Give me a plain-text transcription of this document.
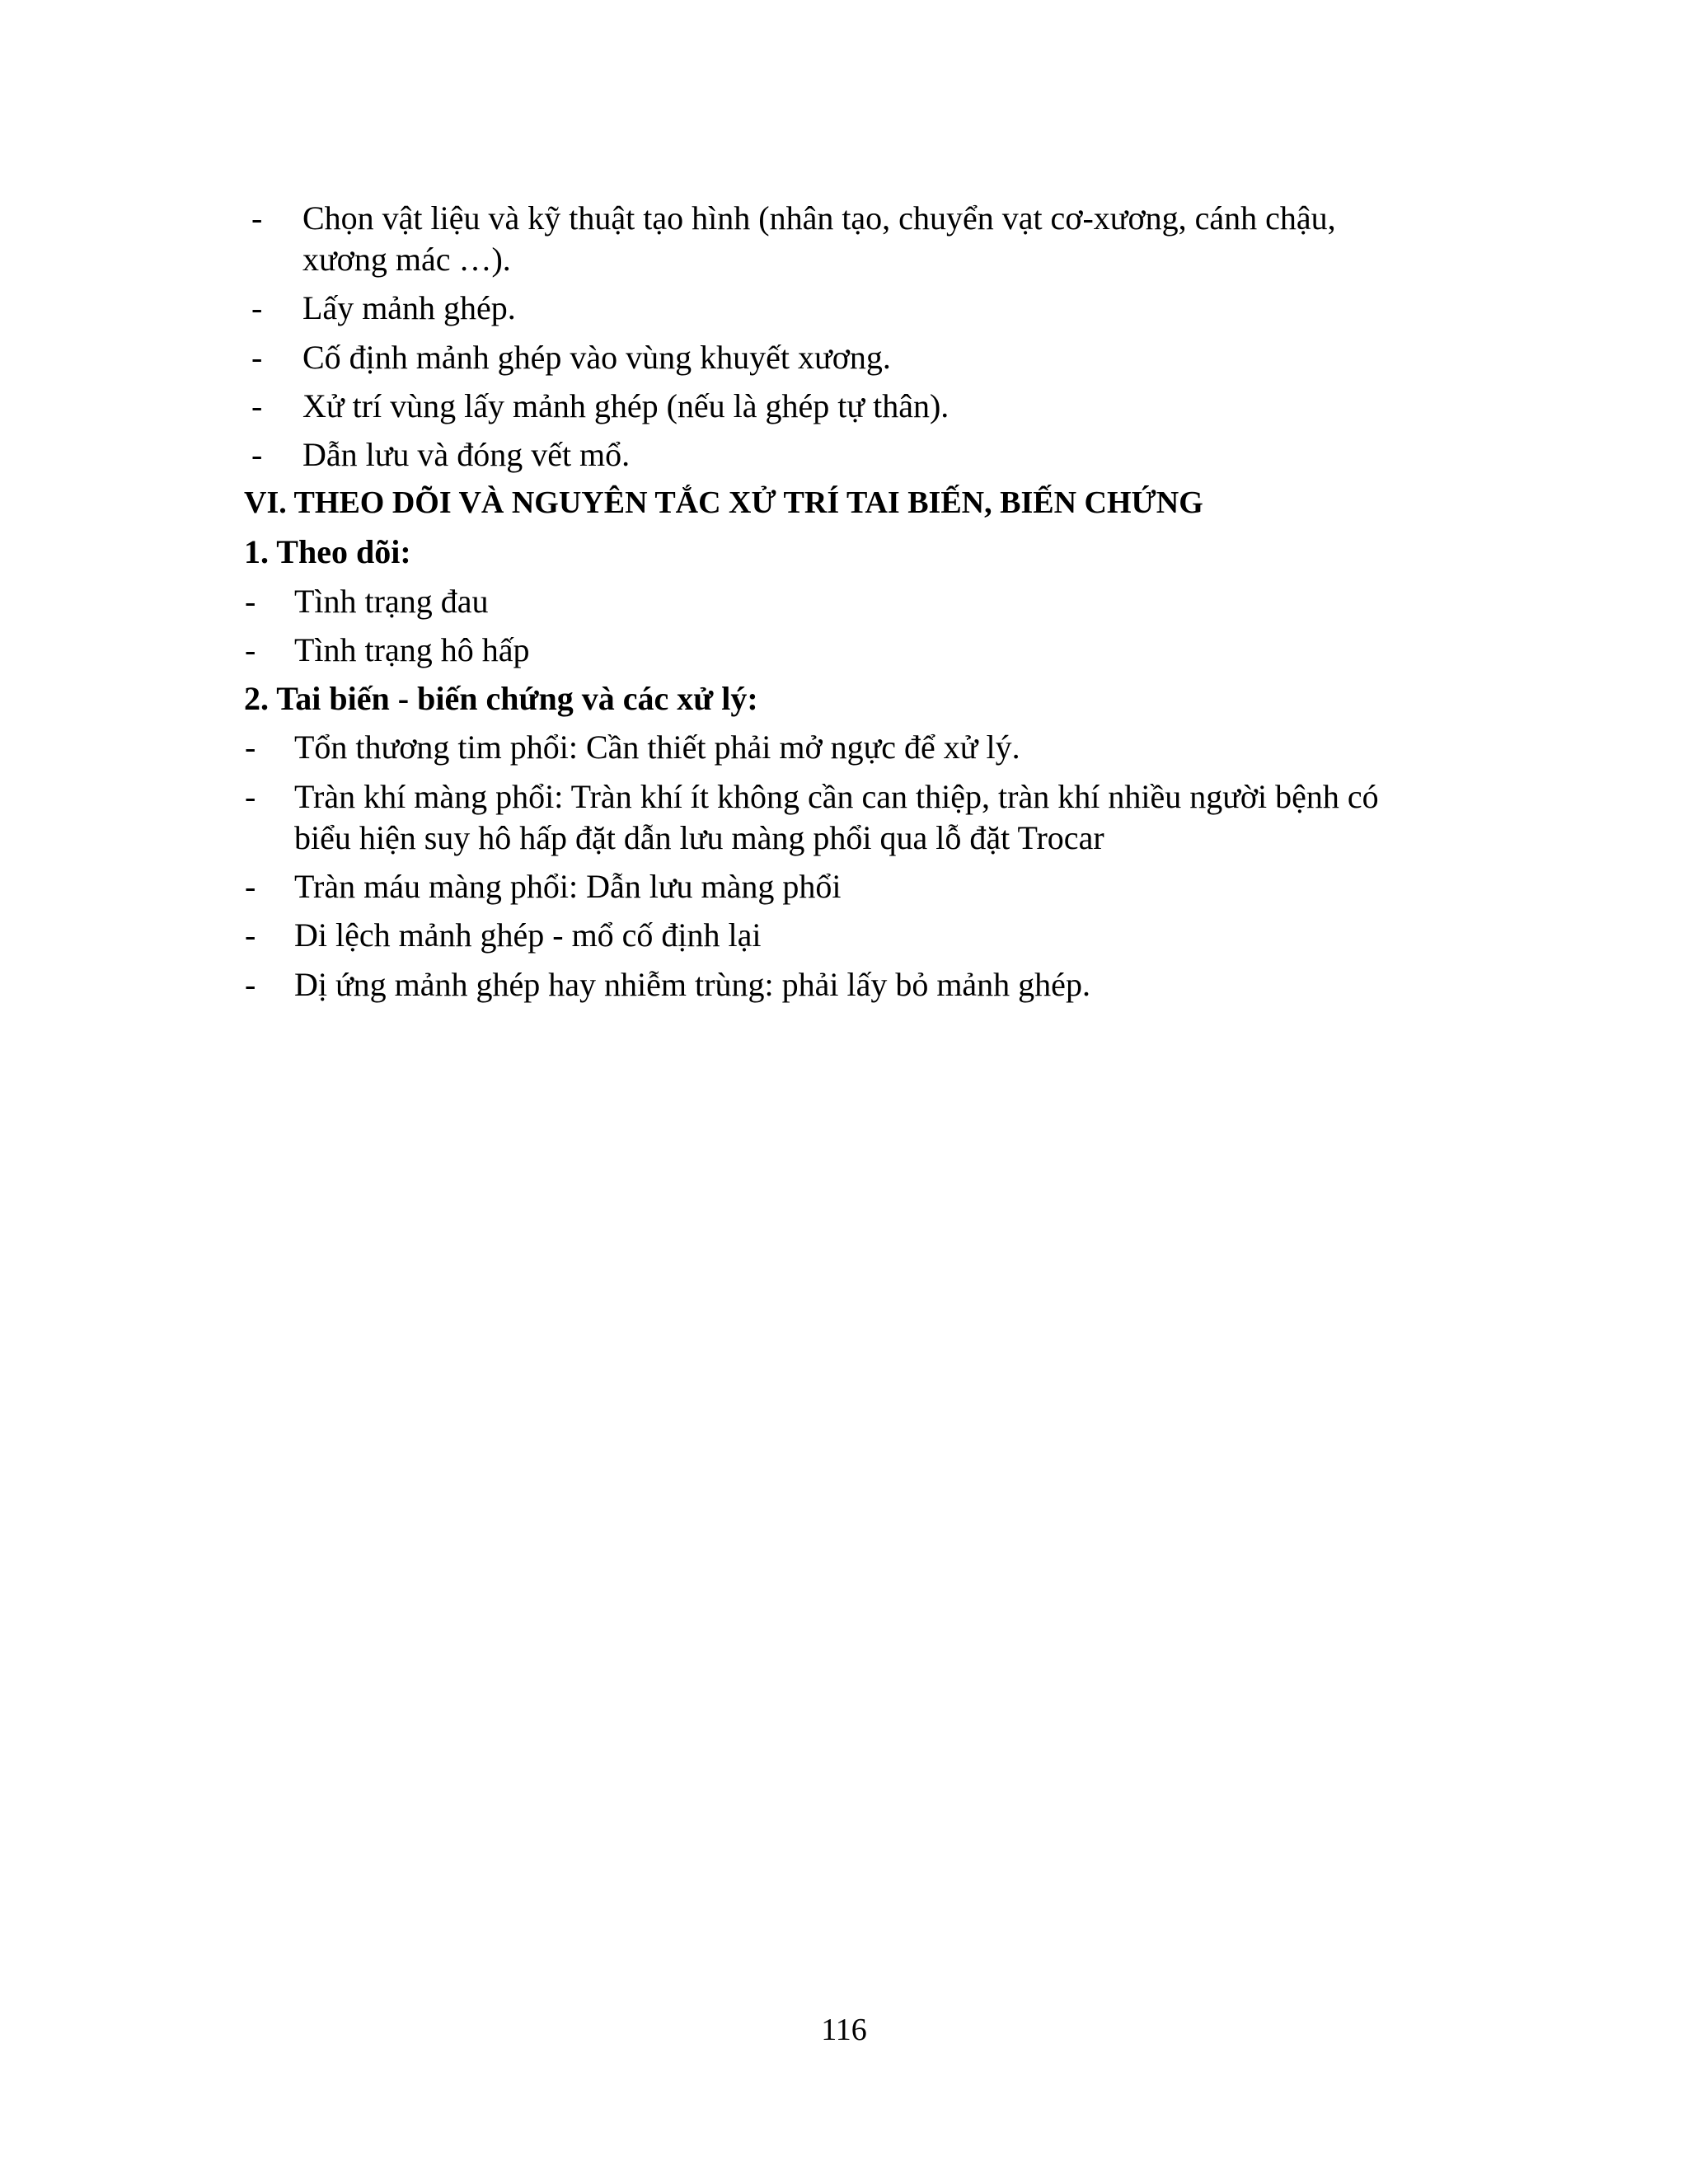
- Chọn vật liệu và kỹ thuật tạo hình (nhân tạo, chuyển vạt cơ-xương, cánh chậu,
xương mác …).
- Lấy mảnh ghép.
- Cố định mảnh ghép vào vùng khuyết xương.
- Xử trí vùng lấy mảnh ghép (nếu là ghép tự thân).
- Dẫn lưu và đóng vết mổ.
VI. THEO DÕI VÀ NGUYÊN TẮC XỬ TRÍ TAI BIẾN, BIẾN CHỨNG
1. Theo dõi:
- Tình trạng đau
- Tình trạng hô hấp
2. Tai biến - biến chứng và các xử lý:
- Tổn thương tim phổi: Cần thiết phải mở ngực để xử lý.
- Tràn khí màng phổi: Tràn khí ít không cần can thiệp, tràn khí nhiều người bệnh có
biểu hiện suy hô hấp đặt dẫn lưu màng phổi qua lỗ đặt Trocar
- Tràn máu màng phổi: Dẫn lưu màng phổi
- Di lệch mảnh ghép - mổ cố định lại
- Dị ứng mảnh ghép hay nhiễm trùng: phải lấy bỏ mảnh ghép.
116
